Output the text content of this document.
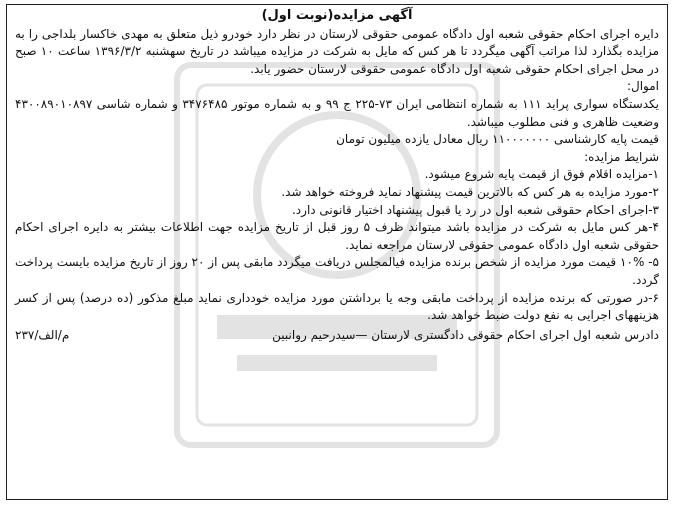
آگهی مزایده(نوبت اول)

دایره اجرای احکام حقوقی شعبه اول دادگاه عمومی حقوقی لارستان در نظر دارد خودرو ذیل متعلق به مهدی خاکسار بلداجی را به مزایده بگذارد لذا مراتب آگهی میگردد تا هر کس که مایل به شرکت در مزایده میباشد در تاریخ سهشنبه ۱۳۹۶/۳/۲ ساعت ۱۰ صبح در محل اجرای احکام حقوقی شعبه اول دادگاه عمومی حقوقی لارستان حضور یابد.

اموال:

یکدستگاه سواری پراید ۱۱۱ به شماره انتظامی ایران ۷۳-۲۲۵ ج ۹۹ و به شماره موتور ۳۴۷۶۴۸۵ و شماره شاسی ۴۳۰۰۸۹۰۱۰۸۹۷ وضعیت ظاهری و فنی مطلوب میباشد.

قیمت پایه کارشناسی ۱۱۰۰۰۰۰۰۰ ریال معادل یازده میلیون تومان

شرایط مزایده:

۱-مزایده اقلام فوق از قیمت پایه شروع میشود.

۲-مورد مزایده به هر کس که بالاترین قیمت پیشنهاد نماید فروخته خواهد شد.

۳-اجرای احکام حقوقی شعبه اول در رد یا قبول پیشنهاد اختیار قانونی دارد.

۴-هر کس مایل به شرکت در مزایده باشد میتواند ظرف ۵ روز قبل از تاریخ مزایده جهت اطلاعات بیشتر به دایره اجرای احکام حقوقی شعبه اول دادگاه عمومی حقوقی لارستان مراجعه نماید.

۵- ۱۰% قیمت مورد مزایده از شخص برنده مزایده فیالمجلس دریافت میگردد مابقی پس از ۲۰ روز از تاریخ مزایده بایست پرداخت گردد.

۶-در صورتی که برنده مزایده از پرداخت مابقی وجه یا برداشتن مورد مزایده خودداری نماید مبلغ مذکور (ده درصد) پس از کسر هزینههای اجرایی به نفع دولت ضبط خواهد شد.

دادرس شعبه اول اجرای احکام حقوقی دادگستری لارستان —سیدرحیم روانبین
م/الف/۲۳۷
